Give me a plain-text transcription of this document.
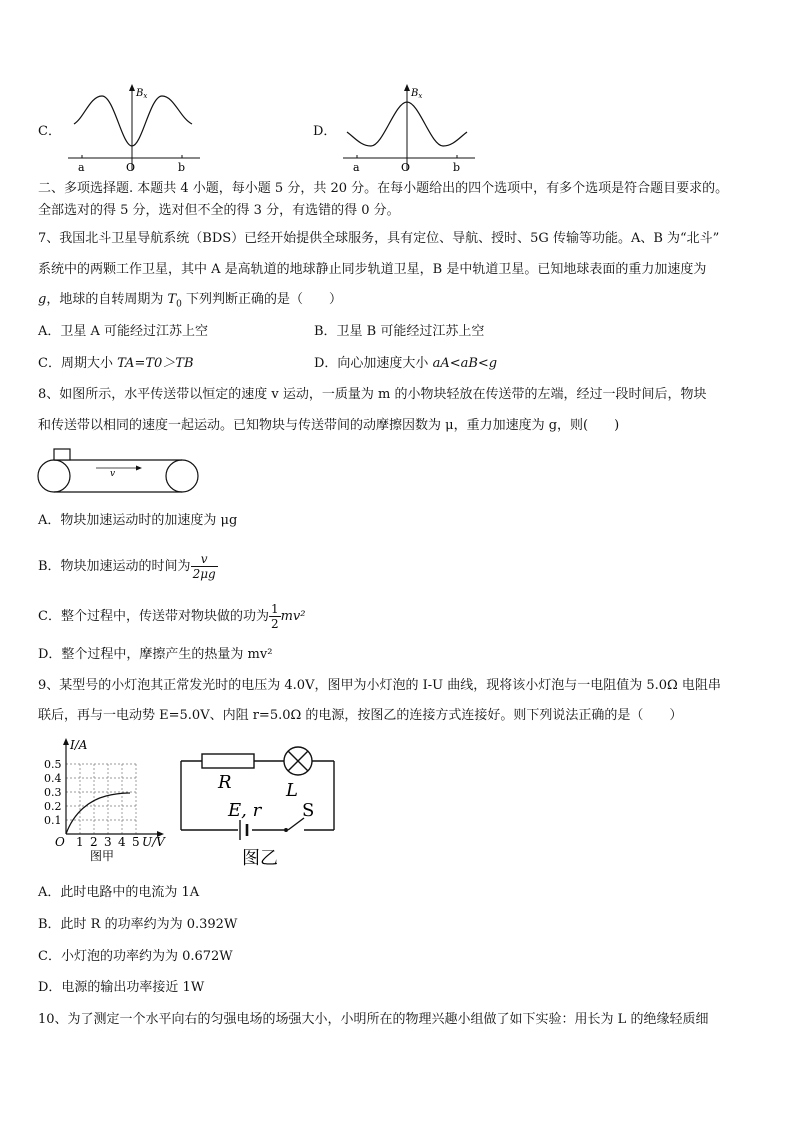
C．
$B_x$
a	O	b
D．
$B_x$
a	O	b
二、多项选择题. 本题共 4 小题，每小题 5 分，共 20 分。在每小题给出的四个选项中，有多个选项是符合题目要求的。
全部选对的得 5 分，选对但不全的得 3 分，有选错的得 0 分。
7、我国北斗卫星导航系统（BDS）已经开始提供全球服务，具有定位、导航、授时、5G 传输等功能。A、B 为“北斗”
系统中的两颗工作卫星，其中 A 是高轨道的地球静止同步轨道卫星，B 是中轨道卫星。已知地球表面的重力加速度为
g，地球的自转周期为 $T_0$ 下列判断正确的是（　　）
A．卫星 A 可能经过江苏上空	B．卫星 B 可能经过江苏上空
C．周期大小 TA=T0＞TB	D．向心加速度大小 aA<aB<g
8、如图所示，水平传送带以恒定的速度 v 运动，一质量为 m 的小物块轻放在传送带的左端，经过一段时间后，物块
和传送带以相同的速度一起运动。已知物块与传送带间的动摩擦因数为 μ，重力加速度为 g，则(　　)
v
A．物块加速运动时的加速度为 μg
B．物块加速运动的时间为 $\frac{v}{2\mu g}$
C．整个过程中，传送带对物块做的功为 $\frac{1}{2} mv^2$
D．整个过程中，摩擦产生的热量为 mv²
9、某型号的小灯泡其正常发光时的电压为 4.0V，图甲为小灯泡的 I-U 曲线，现将该小灯泡与一电阻值为 5.0Ω 电阻串
联后，再与一电动势 E=5.0V、内阻 r=5.0Ω 的电源，按图乙的连接方式连接好。则下列说法正确的是（　　）
I/A
0.5
0.4
0.3
0.2
0.1
O 1 2 3 4 5 U/V
图甲
R	L
E, r S
图乙
A．此时电路中的电流为 1A
B．此时 R 的功率约为为 0.392W
C．小灯泡的功率约为为 0.672W
D．电源的输出功率接近 1W
10、为了测定一个水平向右的匀强电场的场强大小，小明所在的物理兴趣小组做了如下实验：用长为 L 的绝缘轻质细
